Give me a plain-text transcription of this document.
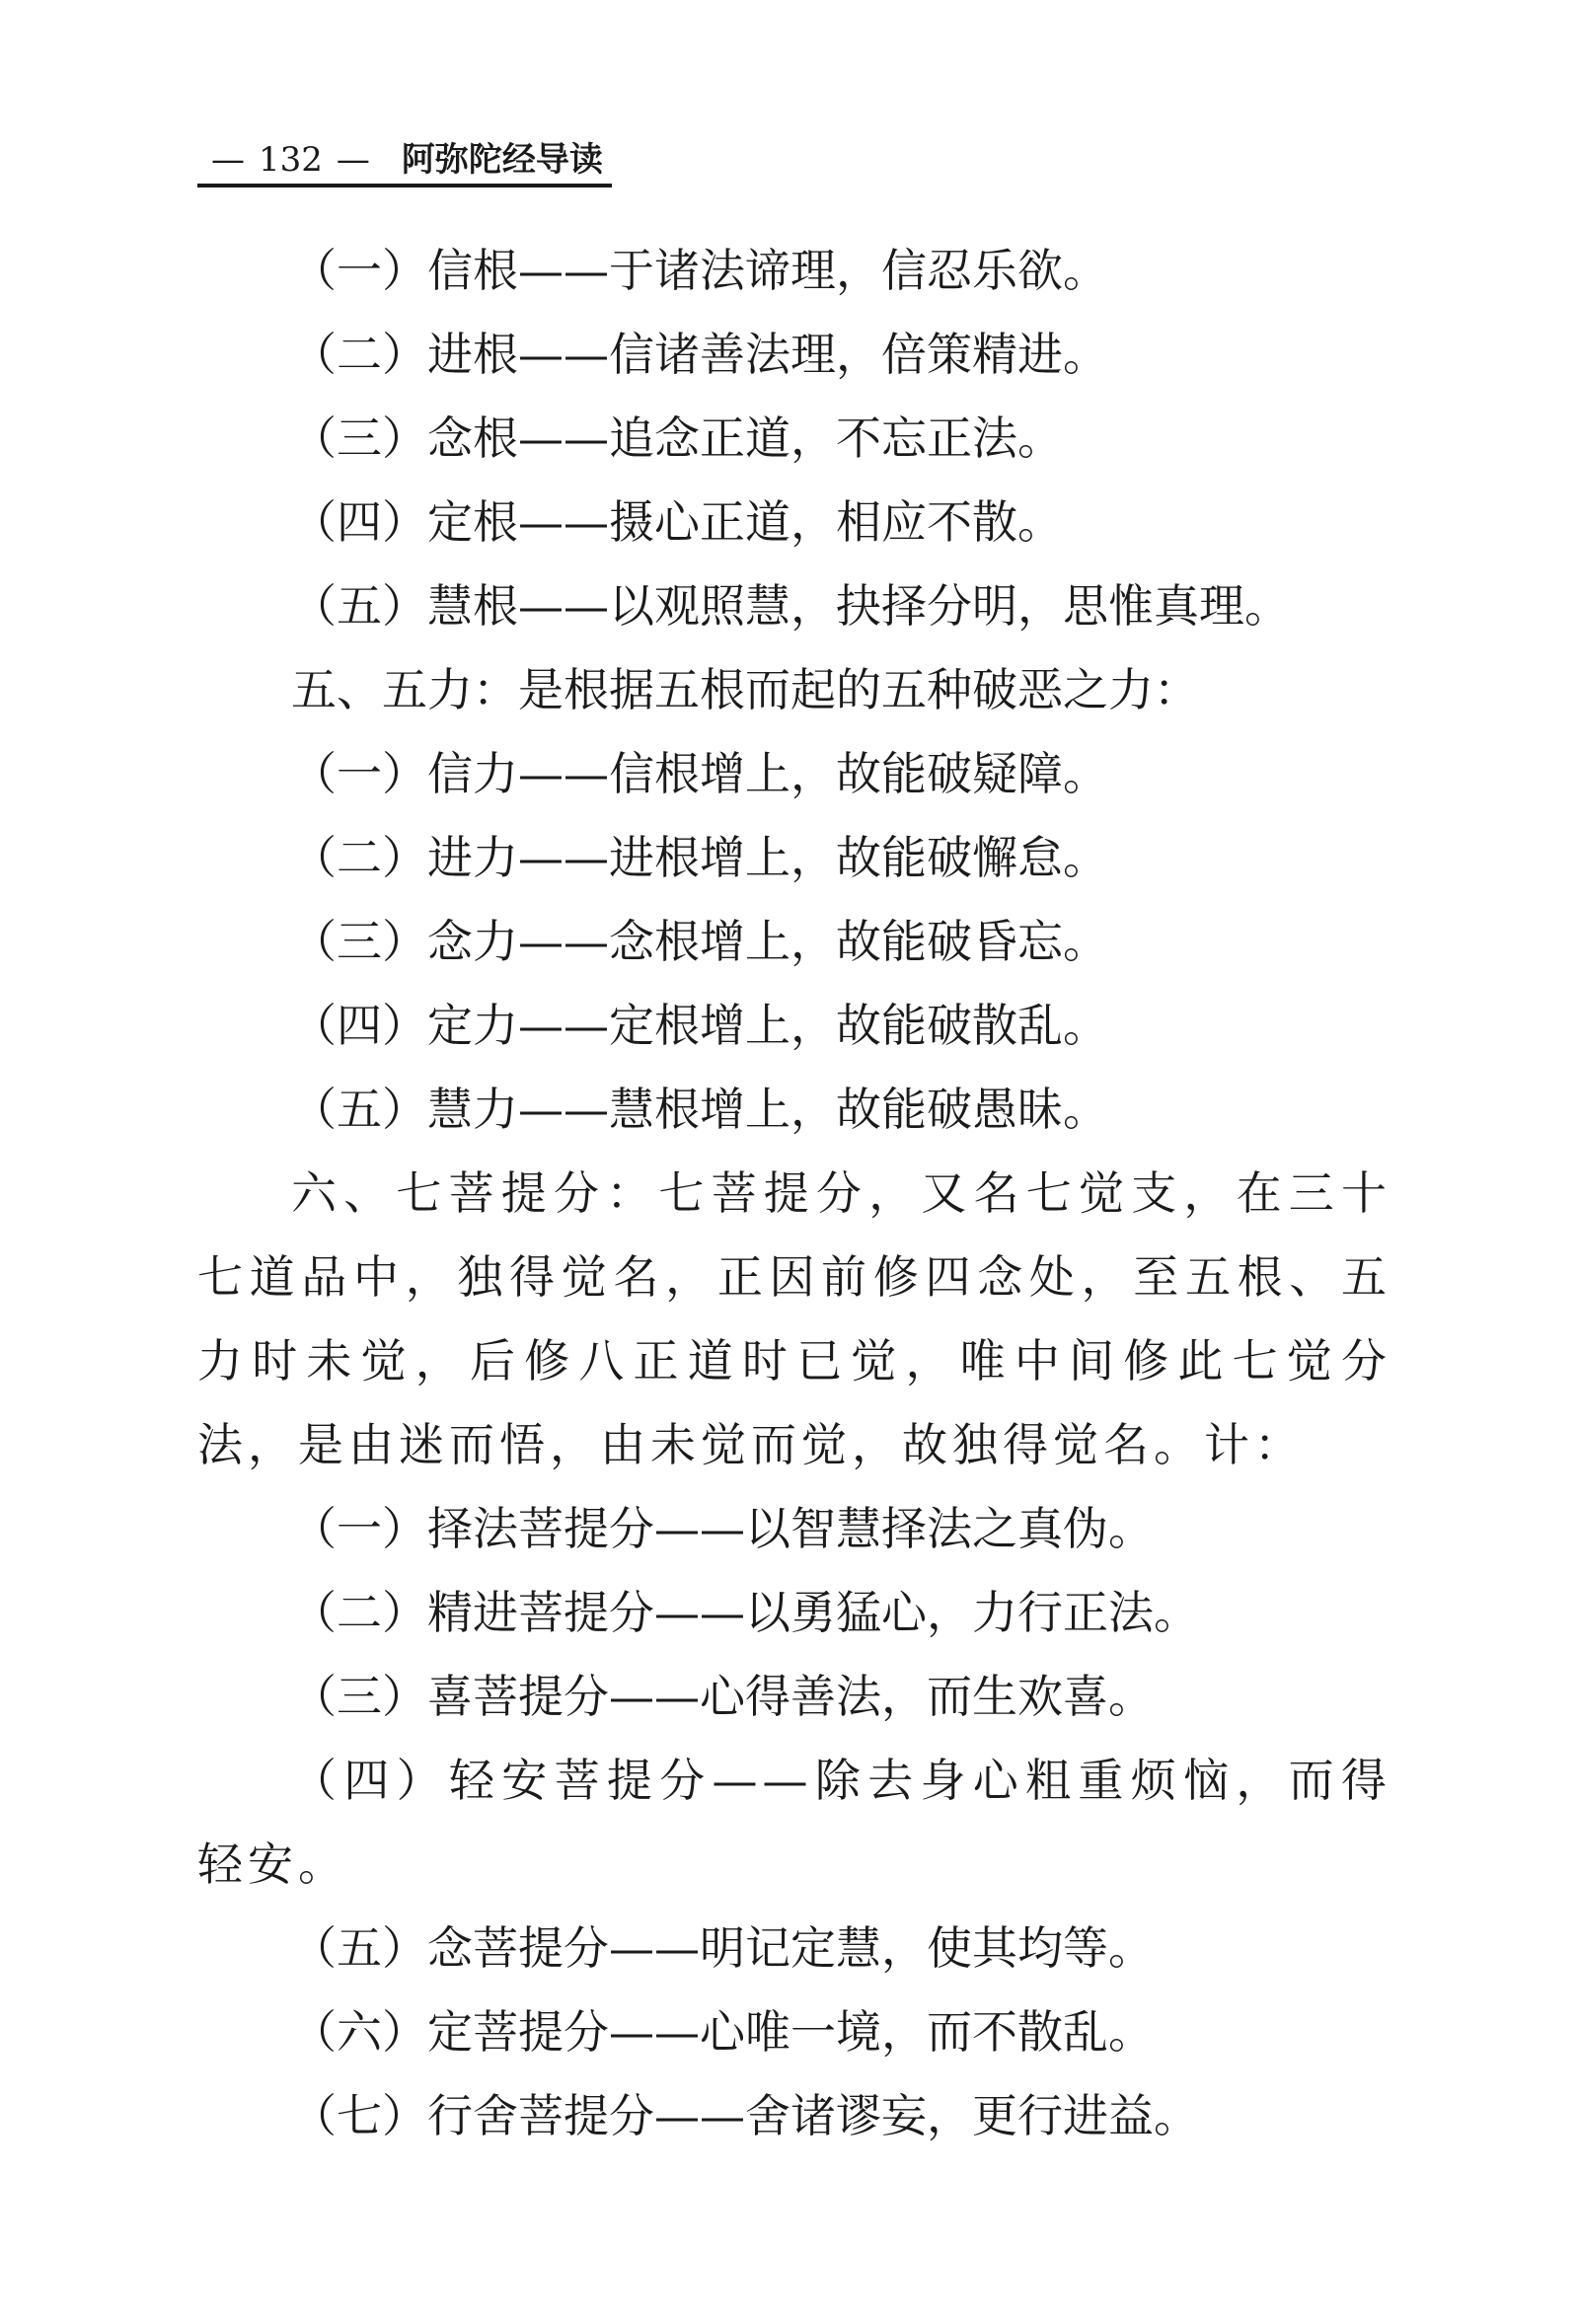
— 132 — 阿弥陀经导读
（一）信根——于诸法谛理，信忍乐欲。
（二）进根——信诸善法理，倍策精进。
（三）念根——追念正道，不忘正法。
（四）定根——摄心正道，相应不散。
（五）慧根——以观照慧，抉择分明，思惟真理。
五、五力：是根据五根而起的五种破恶之力：
（一）信力——信根增上，故能破疑障。
（二）进力——进根增上，故能破懈怠。
（三）念力——念根增上，故能破昏忘。
（四）定力——定根增上，故能破散乱。
（五）慧力——慧根增上，故能破愚昧。
六、七菩提分：七菩提分，又名七觉支，在三十七道品中，独得觉名，正因前修四念处，至五根、五力时未觉，后修八正道时已觉，唯中间修此七觉分法，是由迷而悟，由未觉而觉，故独得觉名。计：
（一）择法菩提分——以智慧择法之真伪。
（二）精进菩提分——以勇猛心，力行正法。
（三）喜菩提分——心得善法，而生欢喜。
（四）轻安菩提分——除去身心粗重烦恼，而得轻安。
（五）念菩提分——明记定慧，使其均等。
（六）定菩提分——心唯一境，而不散乱。
（七）行舍菩提分——舍诸谬妄，更行进益。
